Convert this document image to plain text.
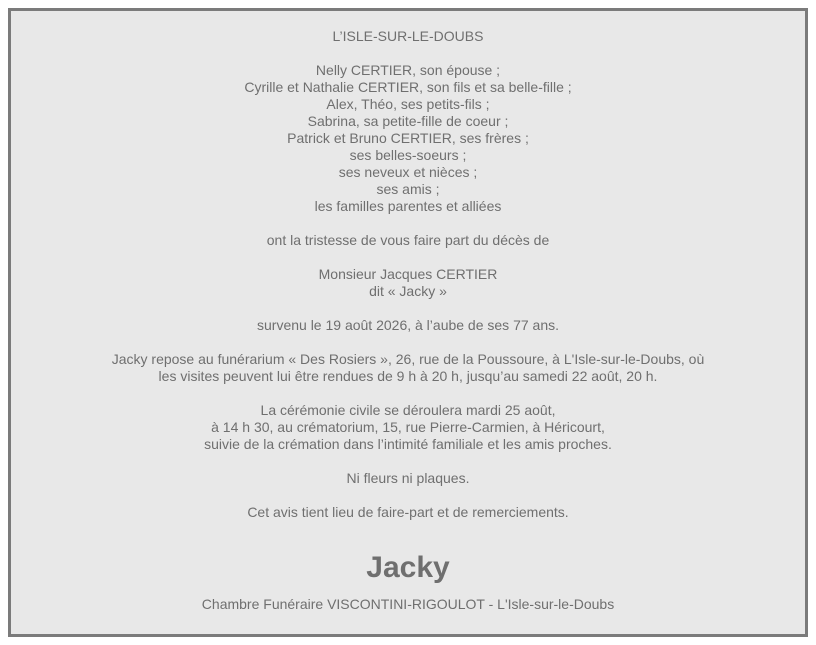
L’ISLE-SUR-LE-DOUBS
Nelly CERTIER, son épouse ;
Cyrille et Nathalie CERTIER, son fils et sa belle-fille ;
Alex, Théo, ses petits-fils ;
Sabrina, sa petite-fille de coeur ;
Patrick et Bruno CERTIER, ses frères ;
ses belles-soeurs ;
ses neveux et nièces ;
ses amis ;
les familles parentes et alliées
ont la tristesse de vous faire part du décès de
Monsieur Jacques CERTIER
dit « Jacky »
survenu le 19 août 2026, à l’aube de ses 77 ans.
Jacky repose au funérarium « Des Rosiers », 26, rue de la Poussoure, à L'Isle-sur-le-Doubs, où
les visites peuvent lui être rendues de 9 h à 20 h, jusqu’au samedi 22 août, 20 h.
La cérémonie civile se déroulera mardi 25 août,
à 14 h 30, au crématorium, 15, rue Pierre-Carmien, à Héricourt,
suivie de la crémation dans l’intimité familiale et les amis proches.
Ni fleurs ni plaques.
Cet avis tient lieu de faire-part et de remerciements.
Jacky
Chambre Funéraire VISCONTINI-RIGOULOT - L'Isle-sur-le-Doubs
